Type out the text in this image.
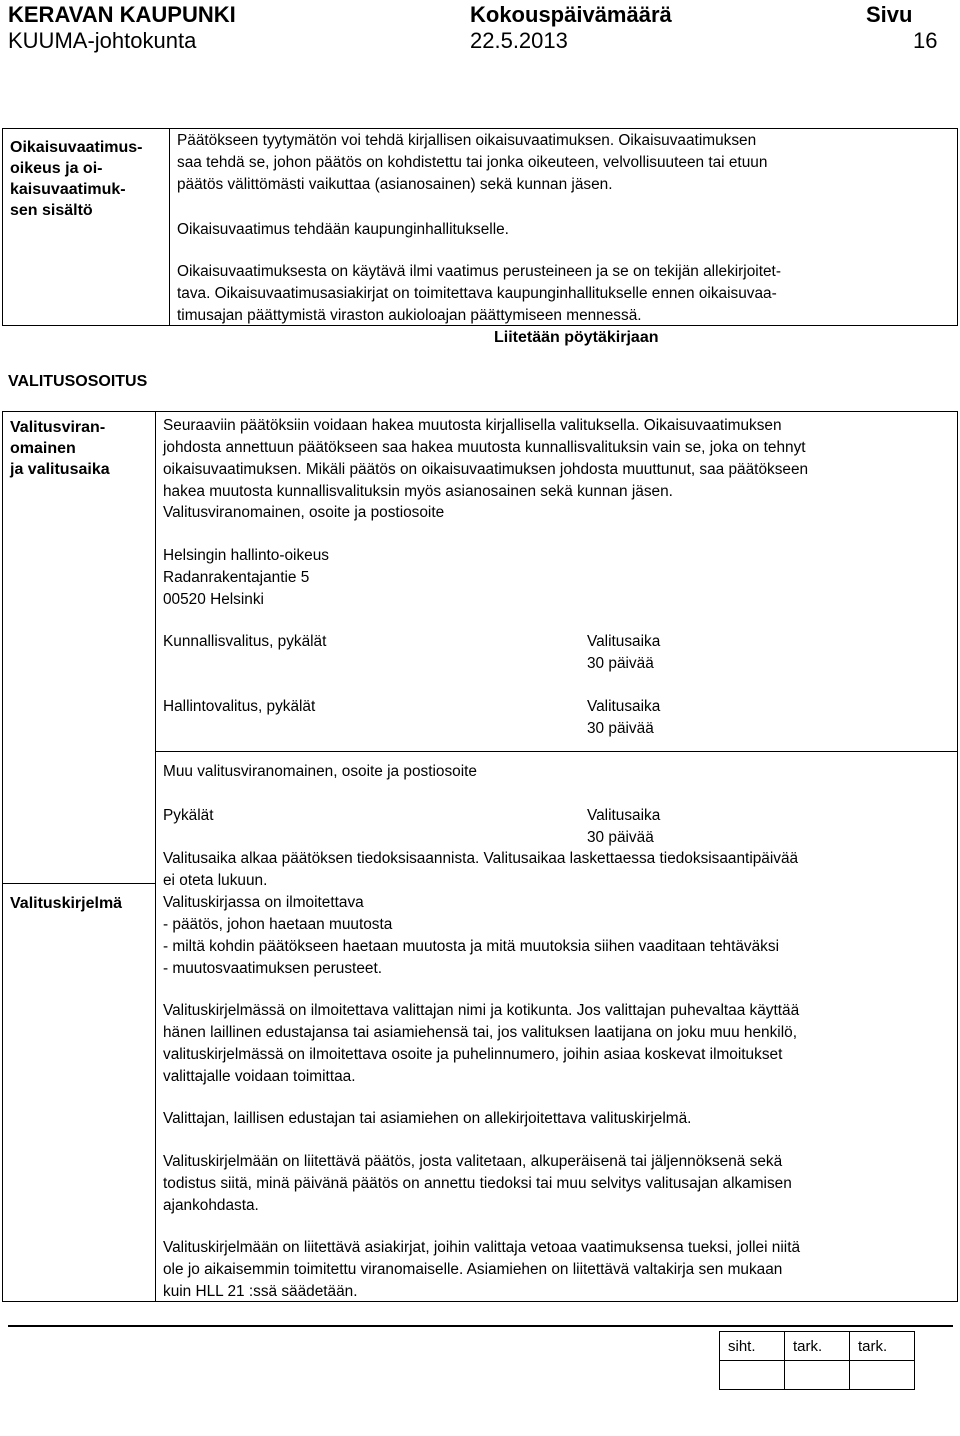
KERAVAN KAUPUNKI
KUUMA-johtokunta
Kokouspäivämäärä
22.5.2013
Sivu
16
Oikaisuvaatimus-
oikeus ja oi-
kaisuvaatimuk-
sen sisältö
Päätökseen tyytymätön voi tehdä kirjallisen oikaisuvaatimuksen. Oikaisuvaatimuksen
saa tehdä se, johon päätös on kohdistettu tai jonka oikeuteen, velvollisuuteen tai etuun
päätös välittömästi vaikuttaa (asianosainen) sekä kunnan jäsen.
Oikaisuvaatimus tehdään kaupunginhallitukselle.
Oikaisuvaatimuksesta on käytävä ilmi vaatimus perusteineen ja se on tekijän allekirjoitet-
tava. Oikaisuvaatimusasiakirjat on toimitettava kaupunginhallitukselle ennen oikaisuvaa-
timusajan päättymistä viraston aukioloajan päättymiseen mennessä.
Liitetään pöytäkirjaan
VALITUSOSOITUS
Valitusviran-
omainen
ja valitusaika
Seuraaviin päätöksiin voidaan hakea muutosta kirjallisella valituksella. Oikaisuvaatimuksen
johdosta annettuun päätökseen saa hakea muutosta kunnallisvalituksin vain se, joka on tehnyt
oikaisuvaatimuksen. Mikäli päätös on oikaisuvaatimuksen johdosta muuttunut, saa päätökseen
hakea muutosta kunnallisvalituksin myös asianosainen sekä kunnan jäsen.
Valitusviranomainen, osoite ja postiosoite
Helsingin hallinto-oikeus
Radanrakentajantie 5
00520 Helsinki
Kunnallisvalitus, pykälät	Valitusaika
30 päivää
Hallintovalitus, pykälät	Valitusaika
30 päivää
Muu valitusviranomainen, osoite ja postiosoite
Pykälät	Valitusaika
30 päivää
Valitusaika alkaa päätöksen tiedoksisaannista. Valitusaikaa laskettaessa tiedoksisaantipäivää
ei oteta lukuun.
Valituskirjelmä	Valituskirjassa on ilmoitettava
- päätös, johon haetaan muutosta
- miltä kohdin päätökseen haetaan muutosta ja mitä muutoksia siihen vaaditaan tehtäväksi
- muutosvaatimuksen perusteet.
Valituskirjelmässä on ilmoitettava valittajan nimi ja kotikunta. Jos valittajan puhevaltaa käyttää
hänen laillinen edustajansa tai asiamiehensä tai, jos valituksen laatijana on joku muu henkilö,
valituskirjelmässä on ilmoitettava osoite ja puhelinnumero, joihin asiaa koskevat ilmoitukset
valittajalle voidaan toimittaa.
Valittajan, laillisen edustajan tai asiamiehen on allekirjoitettava valituskirjelmä.
Valituskirjelmään on liitettävä päätös, josta valitetaan, alkuperäisenä tai jäljennöksenä sekä
todistus siitä, minä päivänä päätös on annettu tiedoksi tai muu selvitys valitusajan alkamisen
ajankohdasta.
Valituskirjelmään on liitettävä asiakirjat, joihin valittaja vetoaa vaatimuksensa tueksi, jollei niitä
ole jo aikaisemmin toimitettu viranomaiselle. Asiamiehen on liitettävä valtakirja sen mukaan
kuin HLL 21 :ssä säädetään.
siht.	tark.	tark.
